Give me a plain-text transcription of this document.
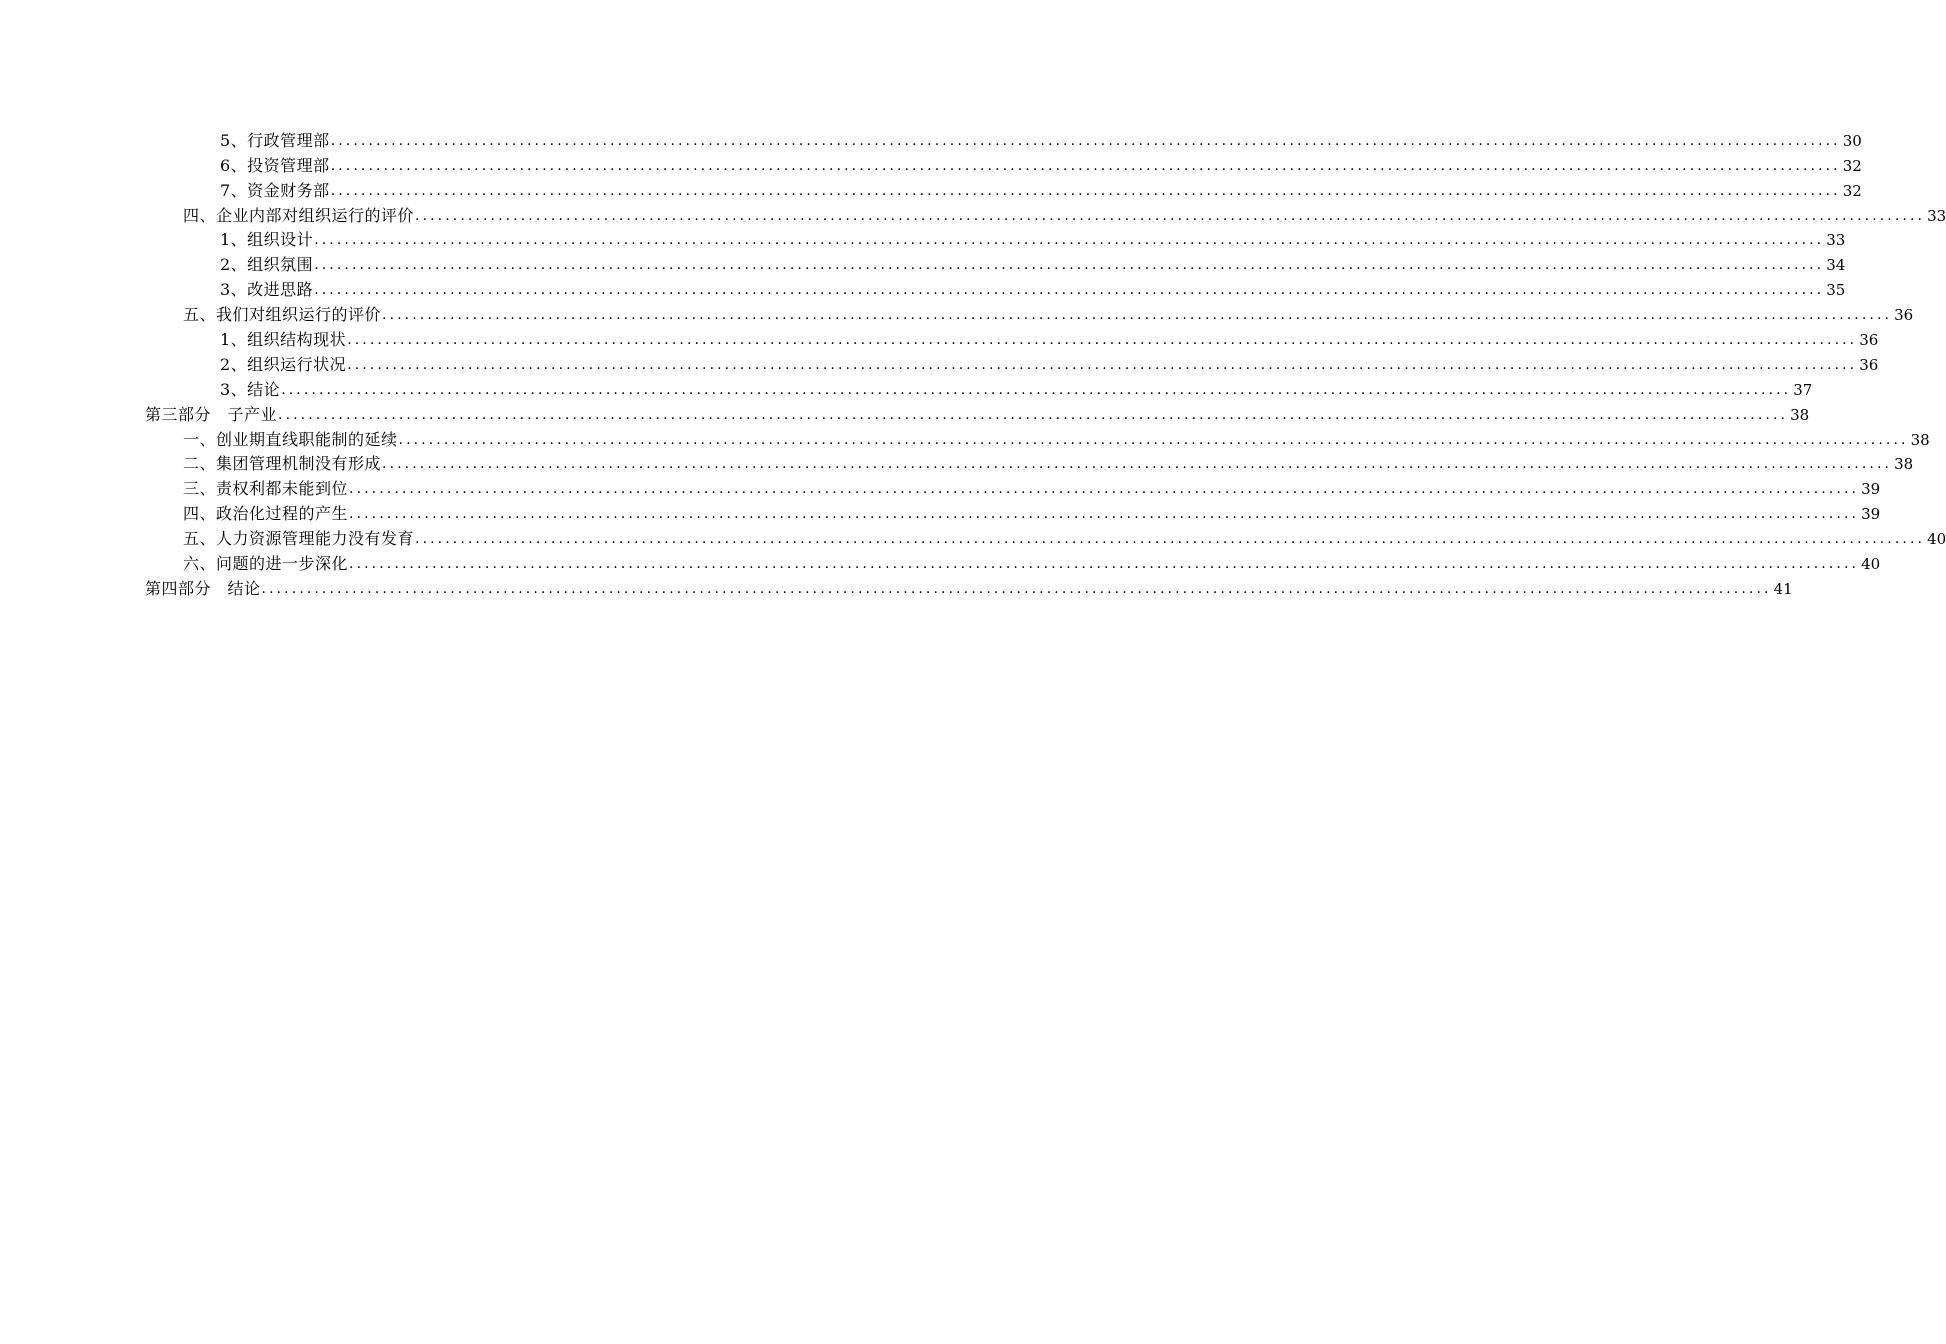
5、行政管理部 ........................................................................................................................................................................................................ 30
6、投资管理部 ........................................................................................................................................................................................................ 32
7、资金财务部 ........................................................................................................................................................................................................ 32
四、企业内部对组织运行的评价 ........................................................................................................................................................................................................ 33
1、组织设计 ........................................................................................................................................................................................................ 33
2、组织氛围 ........................................................................................................................................................................................................ 34
3、改进思路 ........................................................................................................................................................................................................ 35
五、我们对组织运行的评价 ........................................................................................................................................................................................................ 36
1、组织结构现状 ........................................................................................................................................................................................................ 36
2、组织运行状况 ........................................................................................................................................................................................................ 36
3、结论 ........................................................................................................................................................................................................ 37
第三部分　子产业 ........................................................................................................................................................................................................ 38
一、创业期直线职能制的延续 ........................................................................................................................................................................................................ 38
二、集团管理机制没有形成 ........................................................................................................................................................................................................ 38
三、责权利都未能到位 ........................................................................................................................................................................................................ 39
四、政治化过程的产生 ........................................................................................................................................................................................................ 39
五、人力资源管理能力没有发育 ........................................................................................................................................................................................................ 40
六、问题的进一步深化 ........................................................................................................................................................................................................ 40
第四部分　结论 ........................................................................................................................................................................................................ 41
